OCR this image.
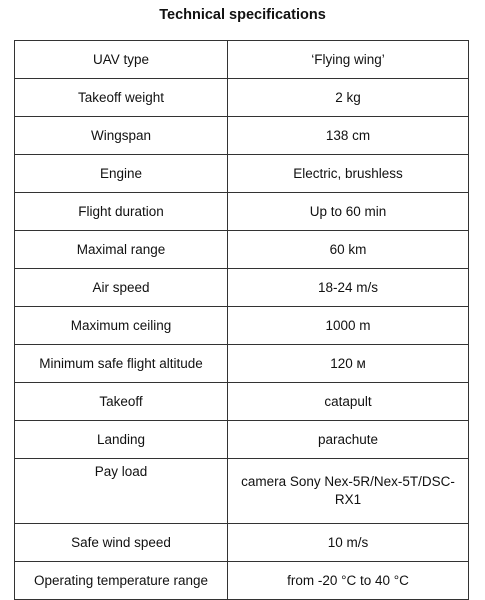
Technical specifications
UAV type	‘Flying wing’
Takeoff weight	2 kg
Wingspan	138 cm
Engine	Electric, brushless
Flight duration	Up to 60 min
Maximal range	60 km
Air speed	18-24 m/s
Maximum ceiling	1000 m
Minimum safe flight altitude	120 м
Takeoff	catapult
Landing	parachute
Pay load	camera Sony Nex-5R/Nex-5T/DSC-RX1
Safe wind speed	10 m/s
Operating temperature range	from -20 °C to 40 °C
